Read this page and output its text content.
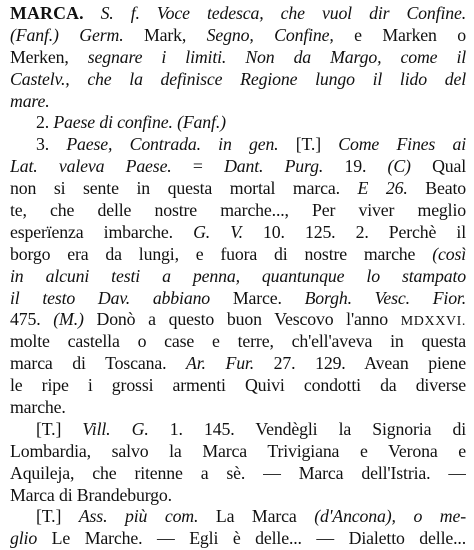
MARCA. S. f. Voce tedesca, che vuol dir Confine.
(Fanf.) Germ. Mark, Segno, Confine, e Marken o
Merken, segnare i limiti. Non da Margo, come il
Castelv., che la definisce Regione lungo il lido del
mare.
2. Paese di confine. (Fanf.)
3. Paese, Contrada. in gen. [T.] Come Fines ai
Lat. valeva Paese. = Dant. Purg. 19. (C) Qual
non si sente in questa mortal marca. E 26. Beato
te, che delle nostre marche..., Per viver meglio
esperïenza imbarche. G. V. 10. 125. 2. Perchè il
borgo era da lungi, e fuora di nostre marche (così
in alcuni testi a penna, quantunque lo stampato
il testo Dav. abbiano Marce. Borgh. Vesc. Fior.
475. (M.) Donò a questo buon Vescovo l'anno MDXXVI.
molte castella o case e terre, ch'ell'aveva in questa
marca di Toscana. Ar. Fur. 27. 129. Avean piene
le ripe i grossi armenti Quivi condotti da diverse
marche.
[T.] Vill. G. 1. 145. Vendègli la Signoria di
Lombardia, salvo la Marca Trivigiana e Verona e
Aquileja, che ritenne a sè. — Marca dell'Istria. —
Marca di Brandeburgo.
[T.] Ass. più com. La Marca (d'Ancona), o me-
glio Le Marche. — Egli è delle... — Dialetto delle...
